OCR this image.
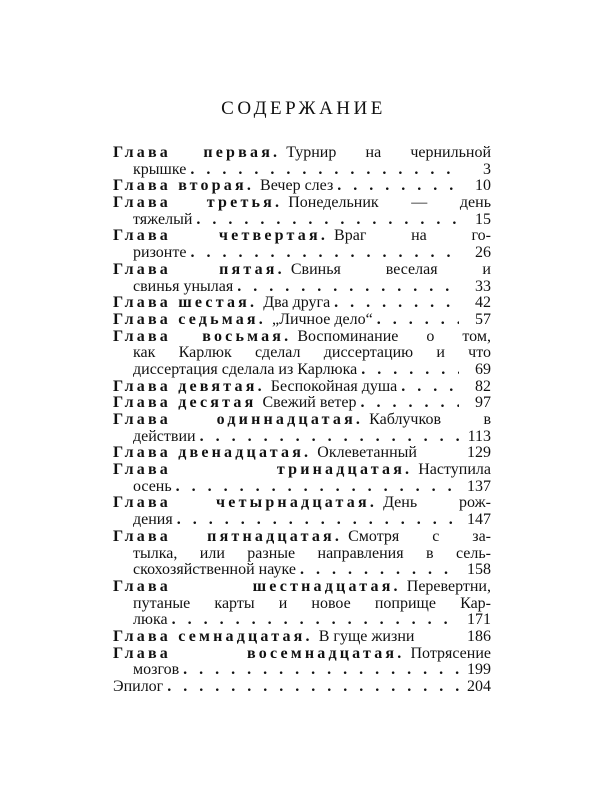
СОДЕРЖАНИЕ
Глава первая. Турнир на чернильной
крышке . . .	3
Глава вторая. Вечер слез . . .	10
Глава третья. Понедельник — день
тяжелый . . .	15
Глава четвертая. Враг на го-
ризонте . . .	26
Глава пятая. Свинья веселая и
свинья унылая . . .	33
Глава шестая. Два друга . . .	42
Глава седьмая. „Личное дело“ . . .	57
Глава восьмая. Воспоминание о том,
как Карлюк сделал диссертацию и что
диссертация сделала из Карлюка . . .	69
Глава девятая. Беспокойная душа . . .	82
Глава десятая Свежий ветер . . .	97
Глава одиннадцатая. Каблучков в
действии . . .	113
Глава двенадцатая. Оклеветанный	129
Глава тринадцатая. Наступила
осень . . .	137
Глава четырнадцатая. День рож-
дения . . .	147
Глава пятнадцатая. Смотря с за-
тылка, или разные направления в сель-
скохозяйственной науке . . .	158
Глава шестнадцатая. Перевертни,
путаные карты и новое поприще Кар-
люка . . .	171
Глава семнадцатая. В гуще жизни	186
Глава восемнадцатая. Потрясение
мозгов . . .	199
Эпилог . . .	204
